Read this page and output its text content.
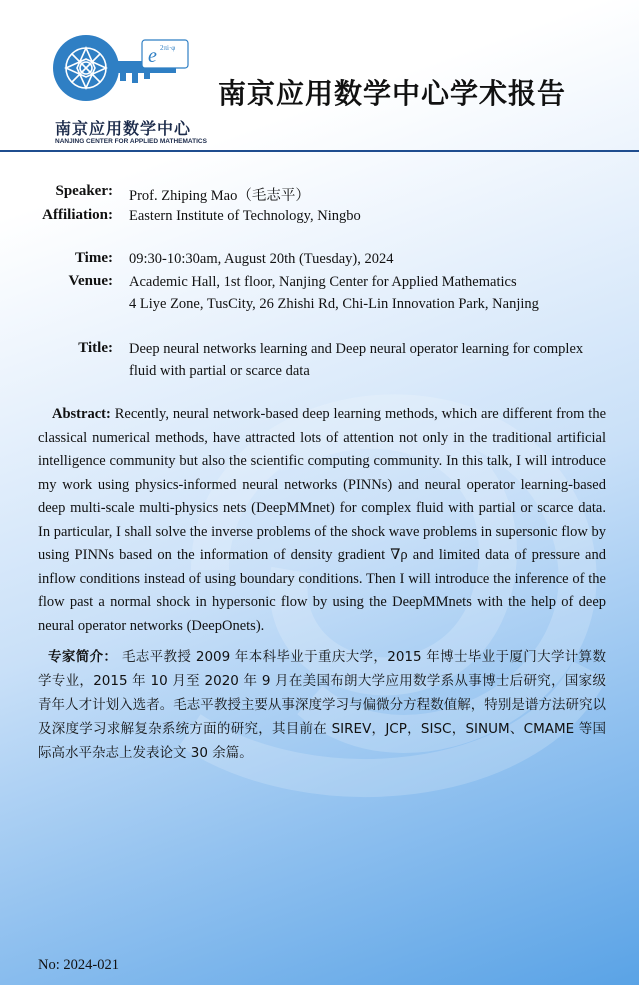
e 2πi·φ
南京应用数学中心
NANJING CENTER FOR APPLIED MATHEMATICS
南京应用数学中心学术报告
Speaker: Prof. Zhiping Mao（毛志平）
Affiliation: Eastern Institute of Technology, Ningbo
Time: 09:30-10:30am, August 20th (Tuesday), 2024
Venue: Academic Hall, 1st floor, Nanjing Center for Applied Mathematics
4 Liye Zone, TusCity, 26 Zhishi Rd, Chi-Lin Innovation Park, Nanjing
Title: Deep neural networks learning and Deep neural operator learning for complex fluid with partial or scarce data
Abstract: Recently, neural network-based deep learning methods, which are different from the classical numerical methods, have attracted lots of attention not only in the traditional artificial intelligence community but also the scientific computing community. In this talk, I will introduce my work using physics-informed neural networks (PINNs) and neural operator learning-based deep multi-scale multi-physics nets (DeepMMnet) for complex fluid with partial or scarce data. In particular, I shall solve the inverse problems of the shock wave problems in supersonic flow by using PINNs based on the information of density gradient ∇ρ and limited data of pressure and inflow conditions instead of using boundary conditions. Then I will introduce the inference of the flow past a normal shock in hypersonic flow by using the DeepMMnets with the help of deep neural operator networks (DeepOnets).
专家简介： 毛志平教授 2009 年本科毕业于重庆大学，2015 年博士毕业于厦门大学计算数学专业，2015 年 10 月至 2020 年 9 月在美国布朗大学应用数学系从事博士后研究，国家级青年人才计划入选者。毛志平教授主要从事深度学习与偏微分方程数值解，特别是谱方法研究以及深度学习求解复杂系统方面的研究，其目前在 SIREV，JCP，SISC，SINUM、CMAME 等国际高水平杂志上发表论文 30 余篇。
No: 2024-021
